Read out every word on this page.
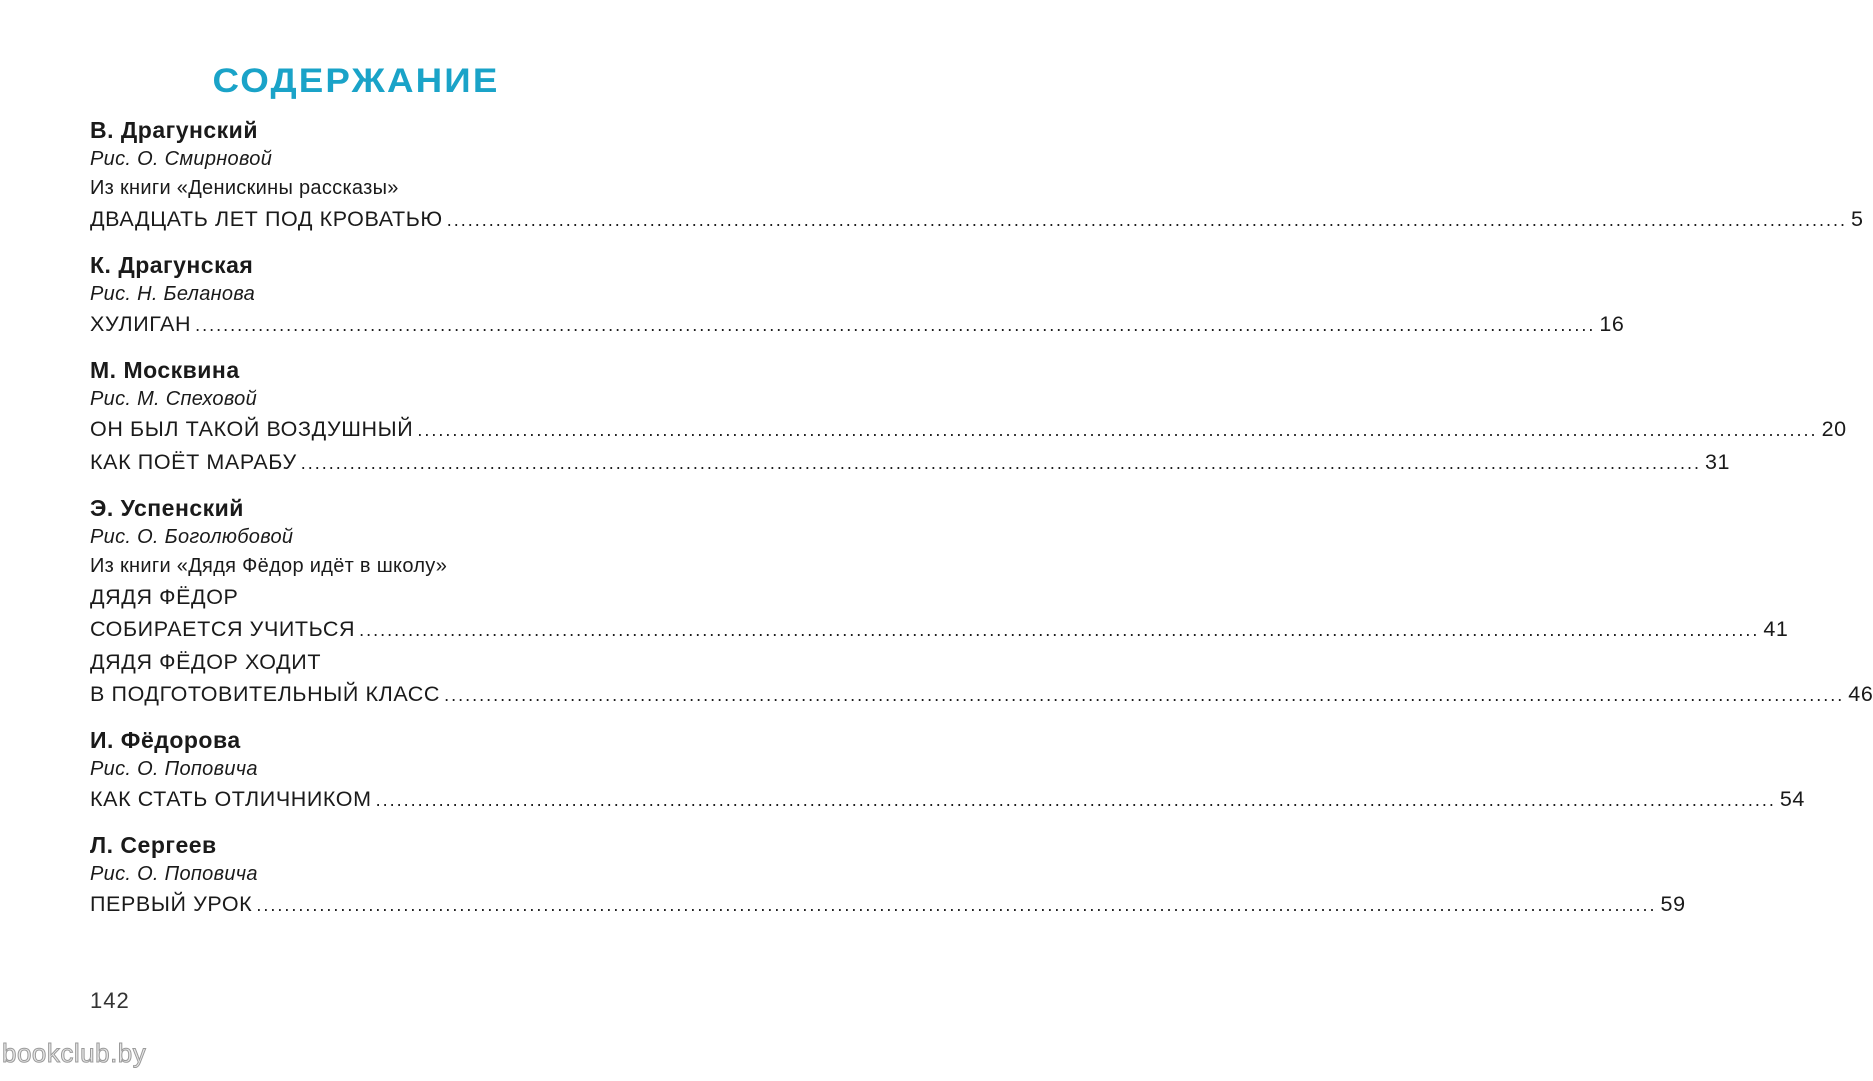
СОДЕРЖАНИЕ
В. Драгунский
Рис. О. Смирновой
Из книги «Денискины рассказы»
ДВАДЦАТЬ ЛЕТ ПОД КРОВАТЬЮ ........................................................................................................................................................................................................ 5
К. Драгунская
Рис. Н. Беланова
ХУЛИГАН ........................................................................................................................................................................................................ 16
М. Москвина
Рис. М. Спеховой
ОН БЫЛ ТАКОЙ ВОЗДУШНЫЙ ........................................................................................................................................................................................................ 20
КАК ПОЁТ МАРАБУ ........................................................................................................................................................................................................ 31
Э. Успенский
Рис. О. Боголюбовой
Из книги «Дядя Фёдор идёт в школу»
ДЯДЯ ФЁДОР
СОБИРАЕТСЯ УЧИТЬСЯ ........................................................................................................................................................................................................ 41
ДЯДЯ ФЁДОР ХОДИТ
В ПОДГОТОВИТЕЛЬНЫЙ КЛАСС ........................................................................................................................................................................................................ 46
И. Фёдорова
Рис. О. Поповича
КАК СТАТЬ ОТЛИЧНИКОМ ........................................................................................................................................................................................................ 54
Л. Сергеев
Рис. О. Поповича
ПЕРВЫЙ УРОК ........................................................................................................................................................................................................ 59
142
bookclub.by
